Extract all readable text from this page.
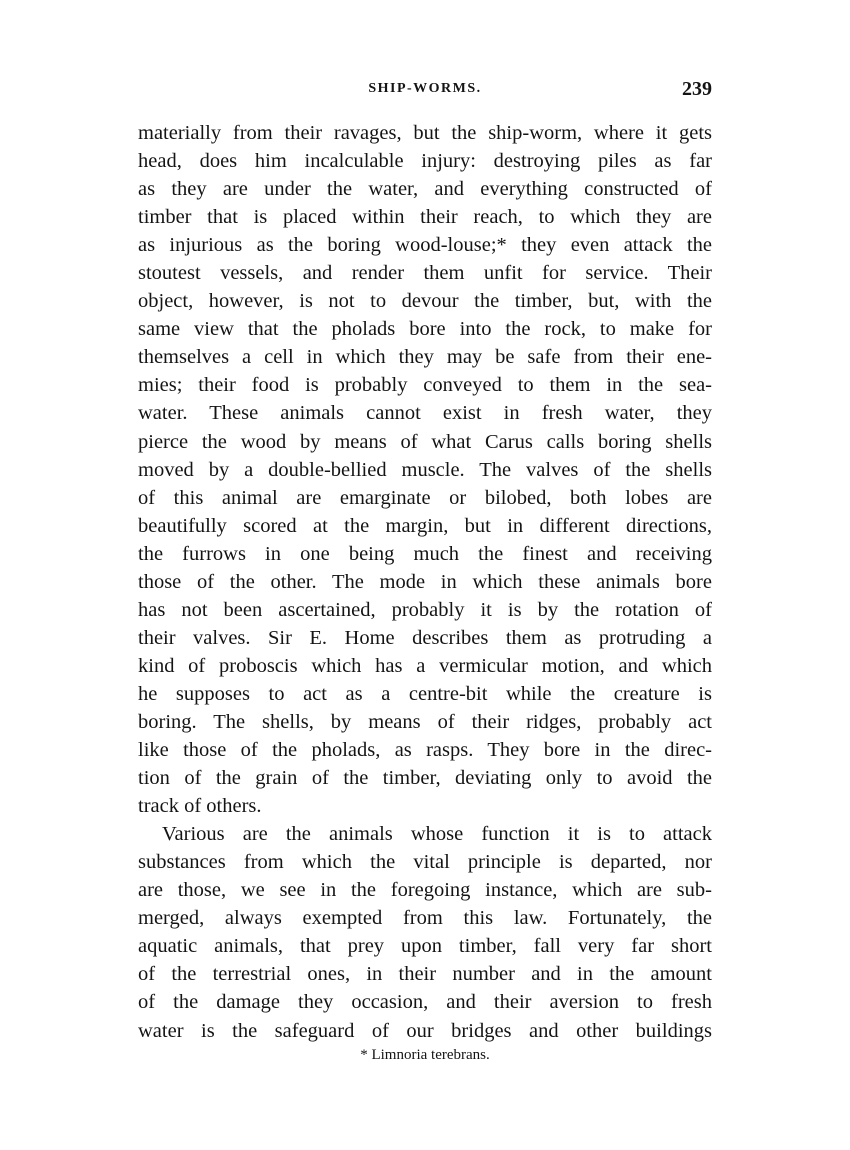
SHIP-WORMS.	239
materially from their ravages, but the ship-worm, where it gets
head, does him incalculable injury: destroying piles as far
as they are under the water, and everything constructed of
timber that is placed within their reach, to which they are
as injurious as the boring wood-louse;* they even attack the
stoutest vessels, and render them unfit for service. Their
object, however, is not to devour the timber, but, with the
same view that the pholads bore into the rock, to make for
themselves a cell in which they may be safe from their ene-
mies; their food is probably conveyed to them in the sea-
water. These animals cannot exist in fresh water, they
pierce the wood by means of what Carus calls boring shells
moved by a double-bellied muscle. The valves of the shells
of this animal are emarginate or bilobed, both lobes are
beautifully scored at the margin, but in different directions,
the furrows in one being much the finest and receiving
those of the other. The mode in which these animals bore
has not been ascertained, probably it is by the rotation of
their valves. Sir E. Home describes them as protruding a
kind of proboscis which has a vermicular motion, and which
he supposes to act as a centre-bit while the creature is
boring. The shells, by means of their ridges, probably act
like those of the pholads, as rasps. They bore in the direc-
tion of the grain of the timber, deviating only to avoid the
track of others.
Various are the animals whose function it is to attack
substances from which the vital principle is departed, nor
are those, we see in the foregoing instance, which are sub-
merged, always exempted from this law. Fortunately, the
aquatic animals, that prey upon timber, fall very far short
of the terrestrial ones, in their number and in the amount
of the damage they occasion, and their aversion to fresh
water is the safeguard of our bridges and other buildings
* Limnoria terebrans.
